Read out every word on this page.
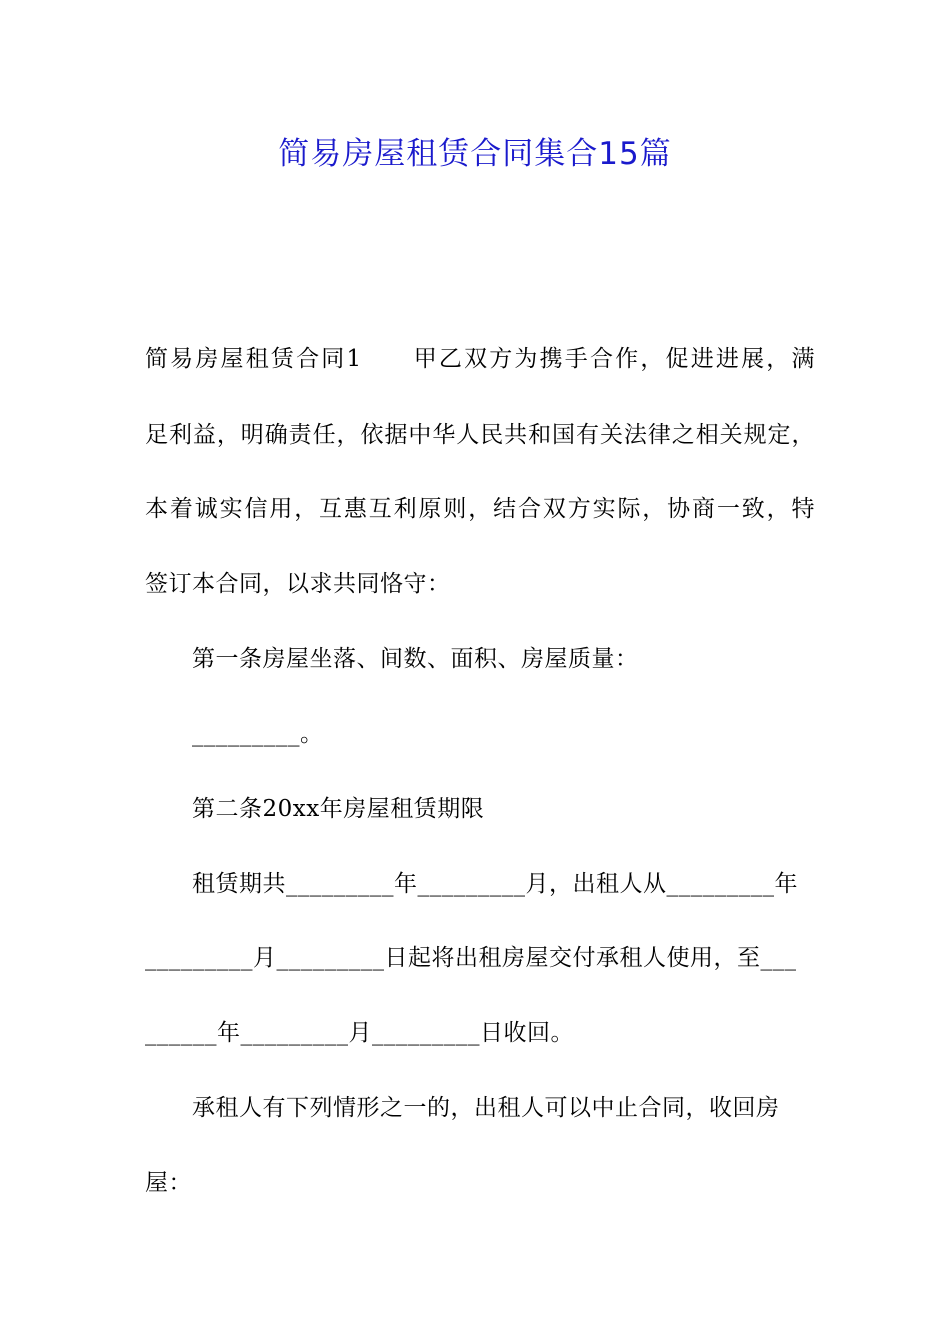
简易房屋租赁合同集合15篇
简易房屋租赁合同1　　甲乙双方为携手合作，促进进展，满
足利益，明确责任，依据中华人民共和国有关法律之相关规定，
本着诚实信用，互惠互利原则，结合双方实际，协商一致，特
签订本合同，以求共同恪守：
第一条房屋坐落、间数、面积、房屋质量：
_________。
第二条20xx年房屋租赁期限
租赁期共_________年_________月，出租人从_________年
_________月_________日起将出租房屋交付承租人使用，至___
______年_________月_________日收回。
承租人有下列情形之一的，出租人可以中止合同，收回房
屋：
